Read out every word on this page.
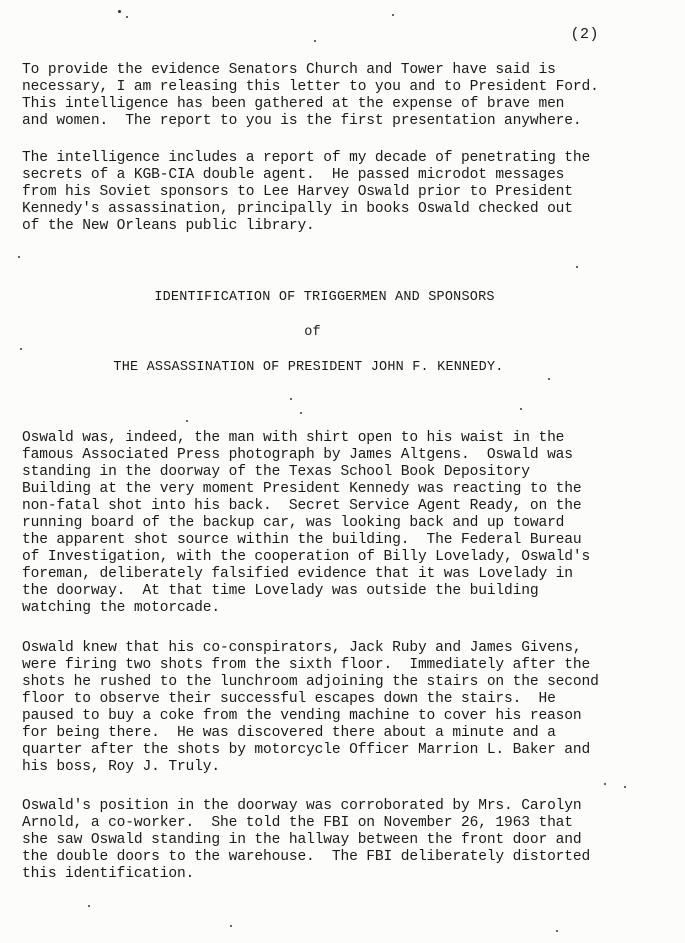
(2)

To provide the evidence Senators Church and Tower have said is
necessary, I am releasing this letter to you and to President Ford.
This intelligence has been gathered at the expense of brave men
and women.  The report to you is the first presentation anywhere.

The intelligence includes a report of my decade of penetrating the
secrets of a KGB-CIA double agent.  He passed microdot messages
from his Soviet sponsors to Lee Harvey Oswald prior to President
Kennedy's assassination, principally in books Oswald checked out
of the New Orleans public library.

IDENTIFICATION OF TRIGGERMEN AND SPONSORS
of
THE ASSASSINATION OF PRESIDENT JOHN F. KENNEDY.

Oswald was, indeed, the man with shirt open to his waist in the
famous Associated Press photograph by James Altgens.  Oswald was
standing in the doorway of the Texas School Book Depository
Building at the very moment President Kennedy was reacting to the
non-fatal shot into his back.  Secret Service Agent Ready, on the
running board of the backup car, was looking back and up toward
the apparent shot source within the building.  The Federal Bureau
of Investigation, with the cooperation of Billy Lovelady, Oswald's
foreman, deliberately falsified evidence that it was Lovelady in
the doorway.  At that time Lovelady was outside the building
watching the motorcade.

Oswald knew that his co-conspirators, Jack Ruby and James Givens,
were firing two shots from the sixth floor.  Immediately after the
shots he rushed to the lunchroom adjoining the stairs on the second
floor to observe their successful escapes down the stairs.  He
paused to buy a coke from the vending machine to cover his reason
for being there.  He was discovered there about a minute and a
quarter after the shots by motorcycle Officer Marrion L. Baker and
his boss, Roy J. Truly.

Oswald's position in the doorway was corroborated by Mrs. Carolyn
Arnold, a co-worker.  She told the FBI on November 26, 1963 that
she saw Oswald standing in the hallway between the front door and
the double doors to the warehouse.  The FBI deliberately distorted
this identification.
